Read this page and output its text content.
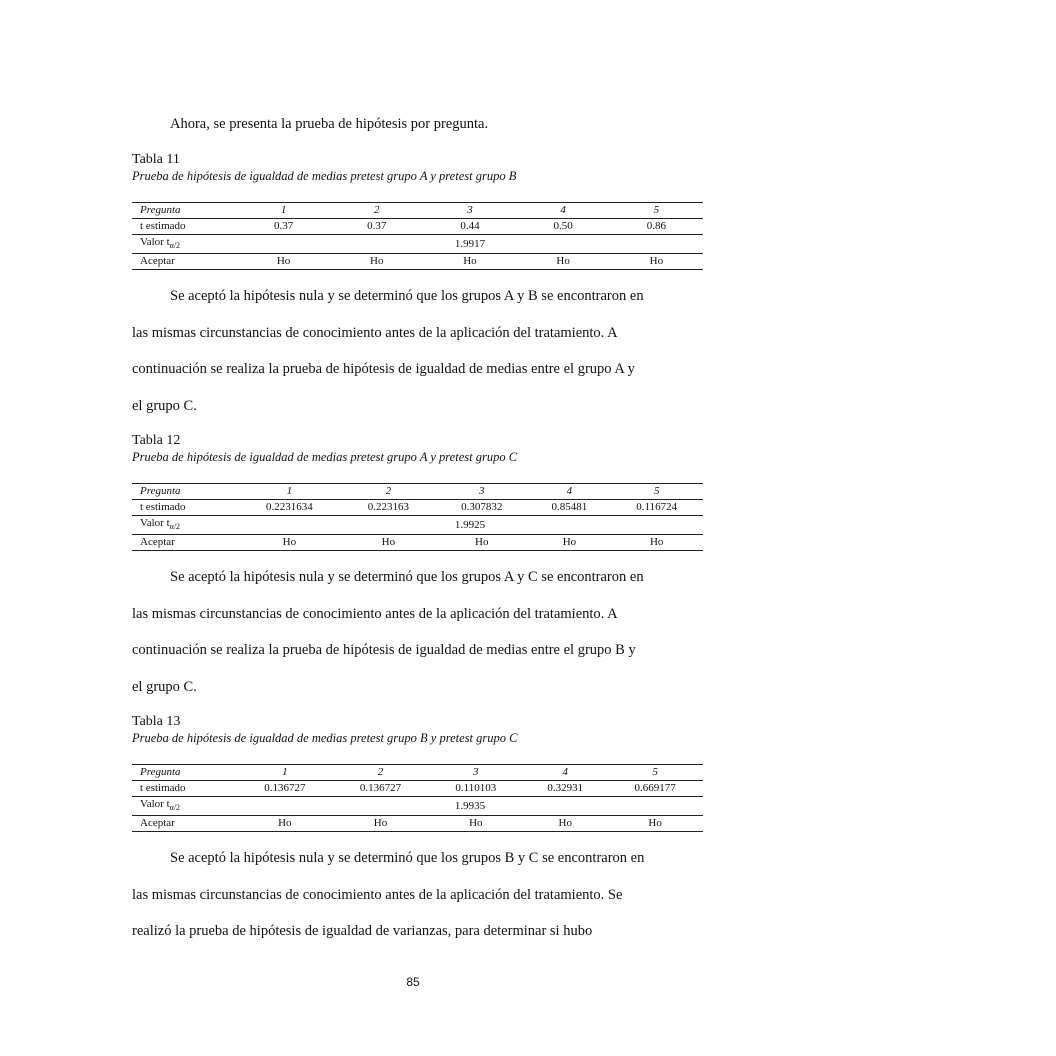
Ahora, se presenta la prueba de hipótesis por pregunta.

Tabla 11
Prueba de hipótesis de igualdad de medias pretest grupo A y pretest grupo B
Pregunta	1	2	3	4	5
t estimado	0.37	0.37	0.44	0.50	0.86
Valor $t_{\alpha/2}$	1.9917				
Aceptar	Ho	Ho	Ho	Ho	Ho
Se aceptó la hipótesis nula y se determinó que los grupos A y B se encontraron en
las mismas circunstancias de conocimiento antes de la aplicación del tratamiento. A
continuación se realiza la prueba de hipótesis de igualdad de medias entre el grupo A y
el grupo C.
Tabla 12
Prueba de hipótesis de igualdad de medias pretest grupo A y pretest grupo C
Pregunta	1	2	3	4	5
t estimado	0.2231634	0.223163	0.307832	0.85481	0.116724
Valor $t_{\alpha/2}$	1.9925				
Aceptar	Ho	Ho	Ho	Ho	Ho
Se aceptó la hipótesis nula y se determinó que los grupos A y C se encontraron en
las mismas circunstancias de conocimiento antes de la aplicación del tratamiento. A
continuación se realiza la prueba de hipótesis de igualdad de medias entre el grupo B y
el grupo C.
Tabla 13
Prueba de hipótesis de igualdad de medias pretest grupo B y pretest grupo C
Pregunta	1	2	3	4	5
t estimado	0.136727	0.136727	0.110103	0.32931	0.669177
Valor $t_{\alpha/2}$	1.9935				
Aceptar	Ho	Ho	Ho	Ho	Ho
Se aceptó la hipótesis nula y se determinó que los grupos B y C se encontraron en
las mismas circunstancias de conocimiento antes de la aplicación del tratamiento. Se
realizó la prueba de hipótesis de igualdad de varianzas, para determinar si hubo
85
